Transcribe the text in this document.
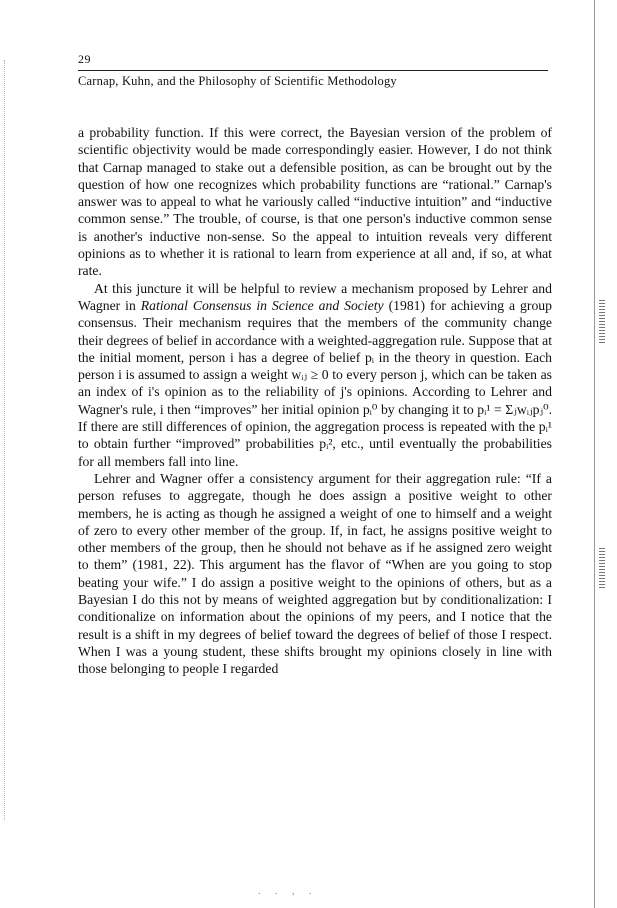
29
Carnap, Kuhn, and the Philosophy of Scientific Methodology

a probability function. If this were correct, the Bayesian version of the problem of scientific objectivity would be made correspondingly easier. However, I do not think that Carnap managed to stake out a defensible position, as can be brought out by the question of how one recognizes which probability functions are “rational.” Carnap's answer was to appeal to what he variously called “inductive intuition” and “inductive common sense.” The trouble, of course, is that one person's inductive common sense is another's inductive non-sense. So the appeal to intuition reveals very different opinions as to whether it is rational to learn from experience at all and, if so, at what rate.

At this juncture it will be helpful to review a mechanism proposed by Lehrer and Wagner in Rational Consensus in Science and Society (1981) for achieving a group consensus. Their mechanism requires that the members of the community change their degrees of belief in accordance with a weighted-aggregation rule. Suppose that at the initial moment, person i has a degree of belief pᵢ in the theory in question. Each person i is assumed to assign a weight wᵢⱼ ≥ 0 to every person j, which can be taken as an index of i's opinion as to the reliability of j's opinions. According to Lehrer and Wagner's rule, i then “improves” her initial opinion pᵢ⁰ by changing it to pᵢ¹ = Σⱼwᵢⱼpⱼ⁰. If there are still differences of opinion, the aggregation process is repeated with the pᵢ¹ to obtain further “improved” probabilities pᵢ², etc., until eventually the probabilities for all members fall into line.

Lehrer and Wagner offer a consistency argument for their aggregation rule: “If a person refuses to aggregate, though he does assign a positive weight to other members, he is acting as though he assigned a weight of one to himself and a weight of zero to every other member of the group. If, in fact, he assigns positive weight to other members of the group, then he should not behave as if he assigned zero weight to them” (1981, 22). This argument has the flavor of “When are you going to stop beating your wife.” I do assign a positive weight to the opinions of others, but as a Bayesian I do this not by means of weighted aggregation but by conditionalization: I conditionalize on information about the opinions of my peers, and I notice that the result is a shift in my degrees of belief toward the degrees of belief of those I respect. When I was a young student, these shifts brought my opinions closely in line with those belonging to people I regarded

. . , .
